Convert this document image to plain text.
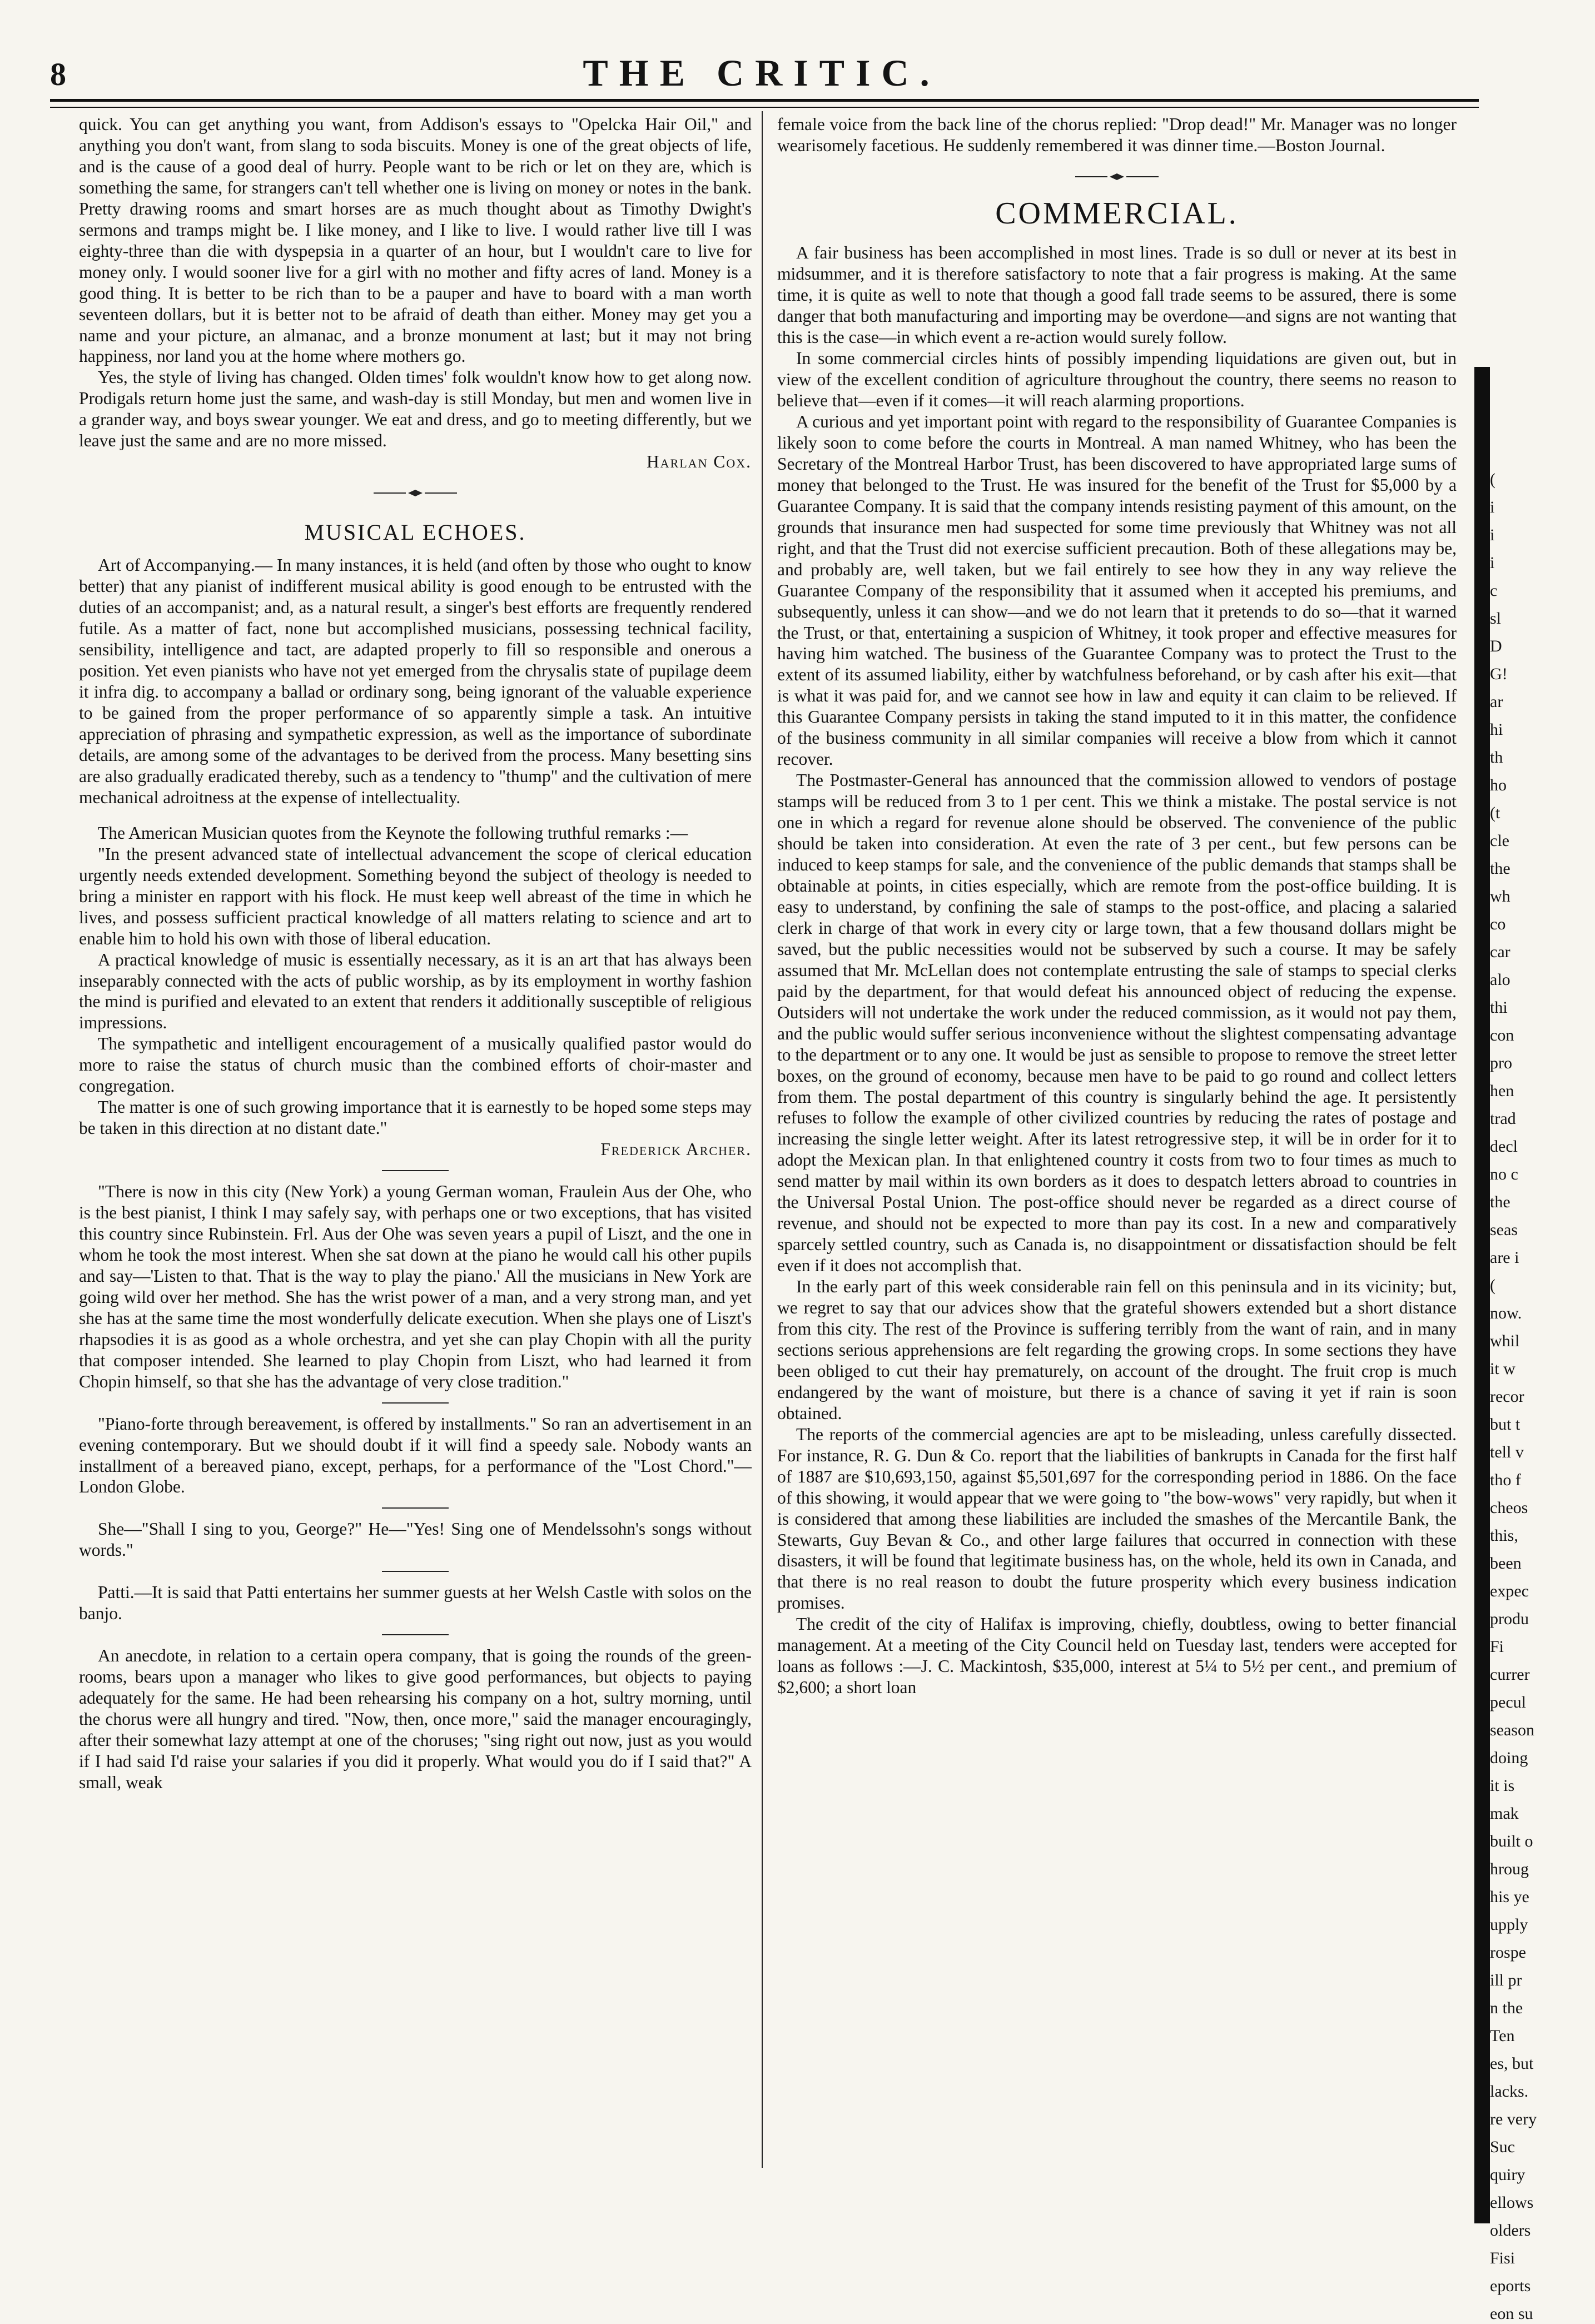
8	THE CRITIC.

quick. You can get anything you want, from Addison's essays to "Opelcka Hair Oil," and anything you don't want, from slang to soda biscuits. Money is one of the great objects of life, and is the cause of a good deal of hurry. People want to be rich or let on they are, which is something the same, for strangers can't tell whether one is living on money or notes in the bank. Pretty drawing rooms and smart horses are as much thought about as Timothy Dwight's sermons and tramps might be. I like money, and I like to live. I would rather live till I was eighty-three than die with dyspepsia in a quarter of an hour, but I wouldn't care to live for money only. I would sooner live for a girl with no mother and fifty acres of land. Money is a good thing. It is better to be rich than to be a pauper and have to board with a man worth seventeen dollars, but it is better not to be afraid of death than either. Money may get you a name and your picture, an almanac, and a bronze monument at last; but it may not bring happiness, nor land you at the home where mothers go.

Yes, the style of living has changed. Olden times' folk wouldn't know how to get along now. Prodigals return home just the same, and wash-day is still Monday, but men and women live in a grander way, and boys swear younger. We eat and dress, and go to meeting differently, but we leave just the same and are no more missed.

Harlan Cox.

MUSICAL ECHOES.

Art of Accompanying.— In many instances, it is held (and often by those who ought to know better) that any pianist of indifferent musical ability is good enough to be entrusted with the duties of an accompanist; and, as a natural result, a singer's best efforts are frequently rendered futile. As a matter of fact, none but accomplished musicians, possessing technical facility, sensibility, intelligence and tact, are adapted properly to fill so responsible and onerous a position. Yet even pianists who have not yet emerged from the chrysalis state of pupilage deem it infra dig. to accompany a ballad or ordinary song, being ignorant of the valuable experience to be gained from the proper performance of so apparently simple a task. An intuitive appreciation of phrasing and sympathetic expression, as well as the importance of subordinate details, are among some of the advantages to be derived from the process. Many besetting sins are also gradually eradicated thereby, such as a tendency to "thump" and the cultivation of mere mechanical adroitness at the expense of intellectuality.

The American Musician quotes from the Keynote the following truthful remarks :—

"In the present advanced state of intellectual advancement the scope of clerical education urgently needs extended development. Something beyond the subject of theology is needed to bring a minister en rapport with his flock. He must keep well abreast of the time in which he lives, and possess sufficient practical knowledge of all matters relating to science and art to enable him to hold his own with those of liberal education.

A practical knowledge of music is essentially necessary, as it is an art that has always been inseparably connected with the acts of public worship, as by its employment in worthy fashion the mind is purified and elevated to an extent that renders it additionally susceptible of religious impressions.

The sympathetic and intelligent encouragement of a musically qualified pastor would do more to raise the status of church music than the combined efforts of choir-master and congregation.

The matter is one of such growing importance that it is earnestly to be hoped some steps may be taken in this direction at no distant date."

Frederick Archer.

"There is now in this city (New York) a young German woman, Fraulein Aus der Ohe, who is the best pianist, I think I may safely say, with perhaps one or two exceptions, that has visited this country since Rubinstein. Frl. Aus der Ohe was seven years a pupil of Liszt, and the one in whom he took the most interest. When she sat down at the piano he would call his other pupils and say—'Listen to that. That is the way to play the piano.' All the musicians in New York are going wild over her method. She has the wrist power of a man, and a very strong man, and yet she has at the same time the most wonderfully delicate execution. When she plays one of Liszt's rhapsodies it is as good as a whole orchestra, and yet she can play Chopin with all the purity that composer intended. She learned to play Chopin from Liszt, who had learned it from Chopin himself, so that she has the advantage of very close tradition."

"Piano-forte through bereavement, is offered by installments." So ran an advertisement in an evening contemporary. But we should doubt if it will find a speedy sale. Nobody wants an installment of a bereaved piano, except, perhaps, for a performance of the "Lost Chord."—London Globe.

She—"Shall I sing to you, George?" He—"Yes! Sing one of Mendelssohn's songs without words."

Patti.—It is said that Patti entertains her summer guests at her Welsh Castle with solos on the banjo.

An anecdote, in relation to a certain opera company, that is going the rounds of the green-rooms, bears upon a manager who likes to give good performances, but objects to paying adequately for the same. He had been rehearsing his company on a hot, sultry morning, until the chorus were all hungry and tired. "Now, then, once more," said the manager encouragingly, after their somewhat lazy attempt at one of the choruses; "sing right out now, just as you would if I had said I'd raise your salaries if you did it properly. What would you do if I said that?" A small, weak

female voice from the back line of the chorus replied: "Drop dead!" Mr. Manager was no longer wearisomely facetious. He suddenly remembered it was dinner time.—Boston Journal.

COMMERCIAL.

A fair business has been accomplished in most lines. Trade is so dull or never at its best in midsummer, and it is therefore satisfactory to note that a fair progress is making. At the same time, it is quite as well to note that though a good fall trade seems to be assured, there is some danger that both manufacturing and importing may be overdone—and signs are not wanting that this is the case—in which event a re-action would surely follow.

In some commercial circles hints of possibly impending liquidations are given out, but in view of the excellent condition of agriculture throughout the country, there seems no reason to believe that—even if it comes—it will reach alarming proportions.

A curious and yet important point with regard to the responsibility of Guarantee Companies is likely soon to come before the courts in Montreal. A man named Whitney, who has been the Secretary of the Montreal Harbor Trust, has been discovered to have appropriated large sums of money that belonged to the Trust. He was insured for the benefit of the Trust for $5,000 by a Guarantee Company. It is said that the company intends resisting payment of this amount, on the grounds that insurance men had suspected for some time previously that Whitney was not all right, and that the Trust did not exercise sufficient precaution. Both of these allegations may be, and probably are, well taken, but we fail entirely to see how they in any way relieve the Guarantee Company of the responsibility that it assumed when it accepted his premiums, and subsequently, unless it can show—and we do not learn that it pretends to do so—that it warned the Trust, or that, entertaining a suspicion of Whitney, it took proper and effective measures for having him watched. The business of the Guarantee Company was to protect the Trust to the extent of its assumed liability, either by watchfulness beforehand, or by cash after his exit—that is what it was paid for, and we cannot see how in law and equity it can claim to be relieved. If this Guarantee Company persists in taking the stand imputed to it in this matter, the confidence of the business community in all similar companies will receive a blow from which it cannot recover.

The Postmaster-General has announced that the commission allowed to vendors of postage stamps will be reduced from 3 to 1 per cent. This we think a mistake. The postal service is not one in which a regard for revenue alone should be observed. The convenience of the public should be taken into consideration. At even the rate of 3 per cent., but few persons can be induced to keep stamps for sale, and the convenience of the public demands that stamps shall be obtainable at points, in cities especially, which are remote from the post-office building. It is easy to understand, by confining the sale of stamps to the post-office, and placing a salaried clerk in charge of that work in every city or large town, that a few thousand dollars might be saved, but the public necessities would not be subserved by such a course. It may be safely assumed that Mr. McLellan does not contemplate entrusting the sale of stamps to special clerks paid by the department, for that would defeat his announced object of reducing the expense. Outsiders will not undertake the work under the reduced commission, as it would not pay them, and the public would suffer serious inconvenience without the slightest compensating advantage to the department or to any one. It would be just as sensible to propose to remove the street letter boxes, on the ground of economy, because men have to be paid to go round and collect letters from them. The postal department of this country is singularly behind the age. It persistently refuses to follow the example of other civilized countries by reducing the rates of postage and increasing the single letter weight. After its latest retrogressive step, it will be in order for it to adopt the Mexican plan. In that enlightened country it costs from two to four times as much to send matter by mail within its own borders as it does to despatch letters abroad to countries in the Universal Postal Union. The post-office should never be regarded as a direct course of revenue, and should not be expected to more than pay its cost. In a new and comparatively sparcely settled country, such as Canada is, no disappointment or dissatisfaction should be felt even if it does not accomplish that.

In the early part of this week considerable rain fell on this peninsula and in its vicinity; but, we regret to say that our advices show that the grateful showers extended but a short distance from this city. The rest of the Province is suffering terribly from the want of rain, and in many sections serious apprehensions are felt regarding the growing crops. In some sections they have been obliged to cut their hay prematurely, on account of the drought. The fruit crop is much endangered by the want of moisture, but there is a chance of saving it yet if rain is soon obtained.

The reports of the commercial agencies are apt to be misleading, unless carefully dissected. For instance, R. G. Dun & Co. report that the liabilities of bankrupts in Canada for the first half of 1887 are $10,693,150, against $5,501,697 for the corresponding period in 1886. On the face of this showing, it would appear that we were going to "the bow-wows" very rapidly, but when it is considered that among these liabilities are included the smashes of the Mercantile Bank, the Stewarts, Guy Bevan & Co., and other large failures that occurred in connection with these disasters, it will be found that legitimate business has, on the whole, held its own in Canada, and that there is no real reason to doubt the future prosperity which every business indication promises.

The credit of the city of Halifax is improving, chiefly, doubtless, owing to better financial management. At a meeting of the City Council held on Tuesday last, tenders were accepted for loans as follows :—J. C. Mackintosh, $35,000, interest at 5¼ to 5½ per cent., and premium of $2,600; a short loan

(
i
i
i
c
sl
D
G!
ar
hi
th
ho
(t
cle
the
wh
co
car
alo
thi
con
pro
hen
trad
decl
no c
the
seas
are i
(
now.
whil
it w
recor
but t
tell v
tho f
cheos
this,
been
expec
produ
Fi
currer
pecul
season
doing
it is
mak
built o
hroug
his ye
upply
rospe
ill pr
n the
Ten
es, but
lacks.
re very
Suc
quiry
ellows
olders
Fisi
eports
eon su
